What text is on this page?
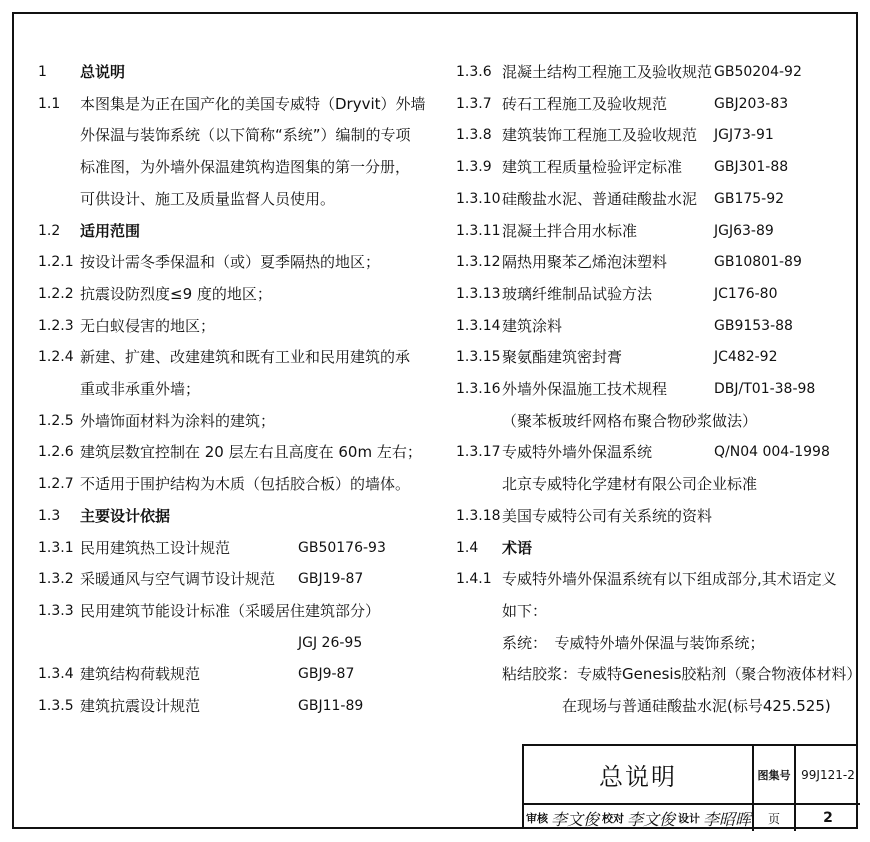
1 总说明
1.1 本图集是为正在国产化的美国专威特（Dryvit）外墙
外保温与装饰系统（以下简称“系统”）编制的专项
标准图，为外墙外保温建筑构造图集的第一分册，
可供设计、施工及质量监督人员使用。
1.2 适用范围
1.2.1 按设计需冬季保温和（或）夏季隔热的地区；
1.2.2 抗震设防烈度≤9 度的地区；
1.2.3 无白蚁侵害的地区；
1.2.4 新建、扩建、改建建筑和既有工业和民用建筑的承
重或非承重外墙；
1.2.5 外墙饰面材料为涂料的建筑；
1.2.6 建筑层数宜控制在 20 层左右且高度在 60m 左右；
1.2.7 不适用于围护结构为木质（包括胶合板）的墙体。
1.3 主要设计依据
1.3.1 民用建筑热工设计规范	GB50176-93
1.3.2 采暖通风与空气调节设计规范 GBJ19-87
1.3.3 民用建筑节能设计标准（采暖居住建筑部分）
JGJ 26-95
1.3.4 建筑结构荷载规范	GBJ9-87
1.3.5 建筑抗震设计规范	GBJ11-89
1.3.6 混凝土结构工程施工及验收规范 GB50204-92
1.3.7 砖石工程施工及验收规范	GBJ203-83
1.3.8 建筑装饰工程施工及验收规范 JGJ73-91
1.3.9 建筑工程质量检验评定标准 GBJ301-88
1.3.10 硅酸盐水泥、普通硅酸盐水泥 GB175-92
1.3.11 混凝土拌合用水标准	JGJ63-89
1.3.12 隔热用聚苯乙烯泡沫塑料	GB10801-89
1.3.13 玻璃纤维制品试验方法	JC176-80
1.3.14 建筑涂料	GB9153-88
1.3.15 聚氨酯建筑密封膏	JC482-92
1.3.16 外墙外保温施工技术规程	DBJ/T01-38-98
（聚苯板玻纤网格布聚合物砂浆做法）
1.3.17 专威特外墙外保温系统	Q/N04 004-1998
北京专威特化学建材有限公司企业标准
1.3.18 美国专威特公司有关系统的资料
1.4 术语
1.4.1 专威特外墙外保温系统有以下组成部分,其术语定义
如下：
系统：　专威特外墙外保温与装饰系统；
粘结胶浆：专威特Genesis胶粘剂（聚合物液体材料）
　　　　在现场与普通硅酸盐水泥(标号425.525)
总说明	图集号 99J121-2
审核 李文俊 校对 李文俊 设计 李昭晖	页	2
